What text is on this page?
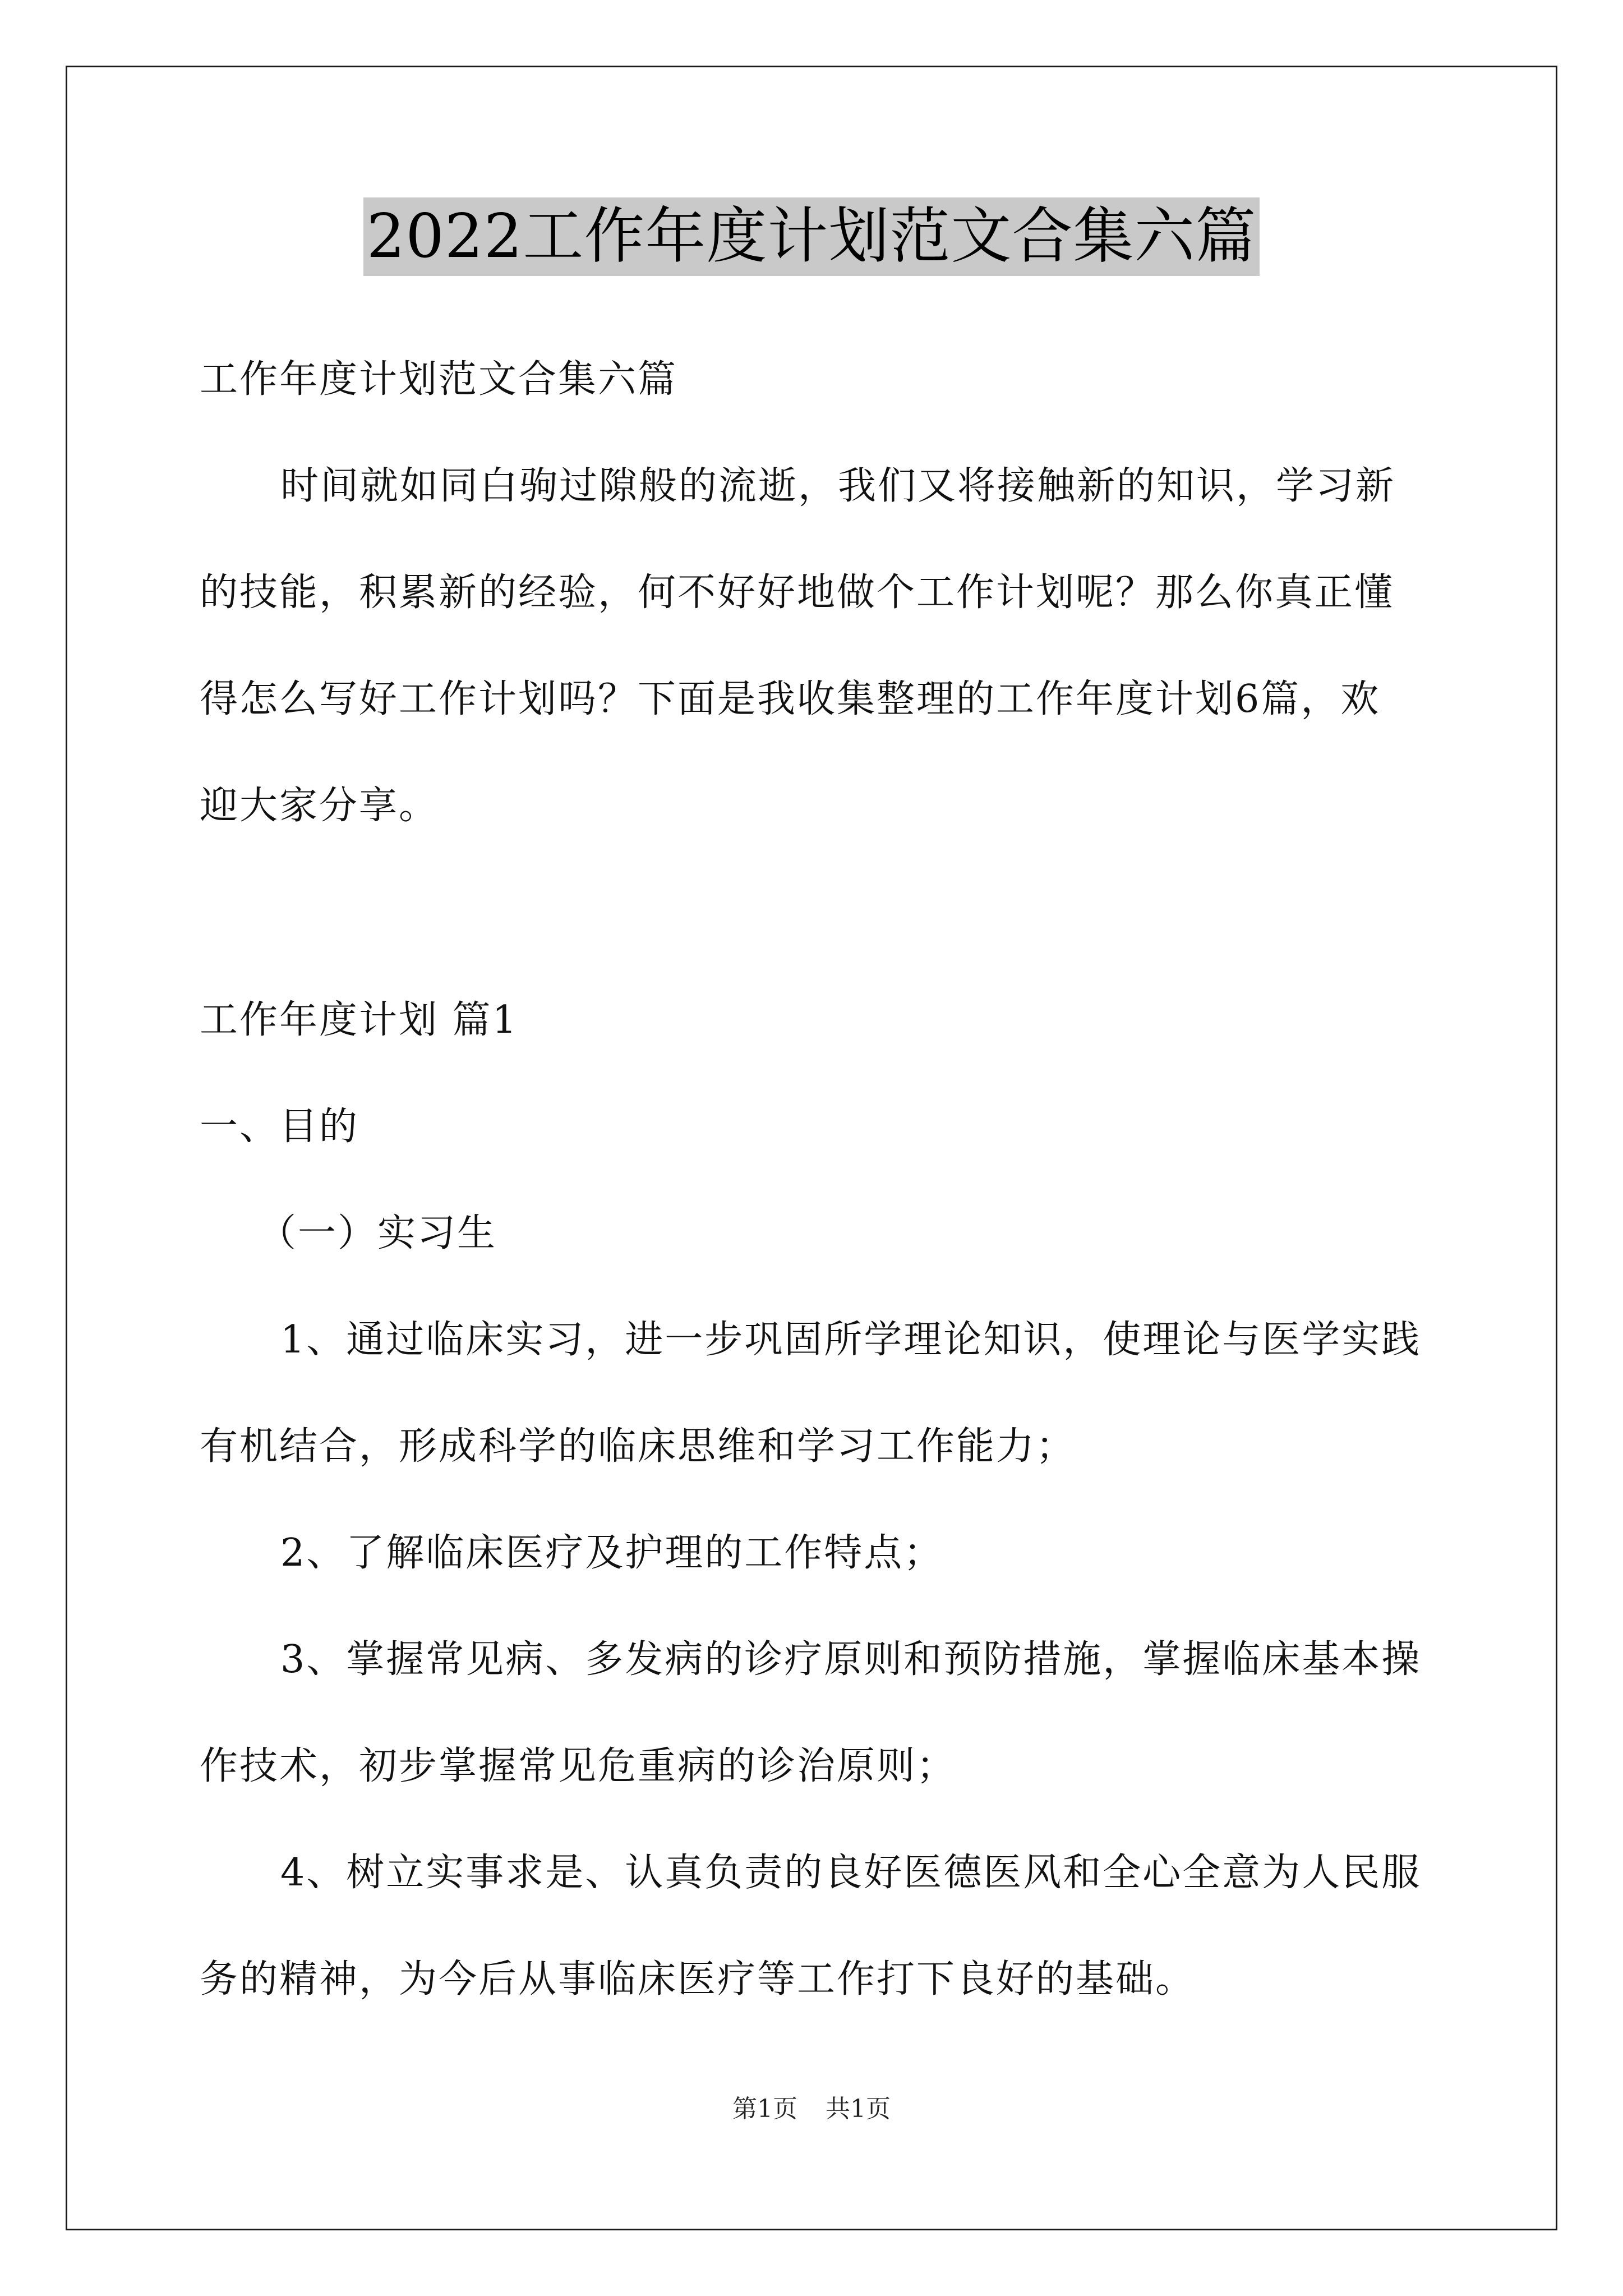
2022工作年度计划范文合集六篇
工作年度计划范文合集六篇
时间就如同白驹过隙般的流逝，我们又将接触新的知识，学习新
的技能，积累新的经验，何不好好地做个工作计划呢？那么你真正懂
得怎么写好工作计划吗？下面是我收集整理的工作年度计划6篇，欢
迎大家分享。
工作年度计划 篇1
一、目的
（一）实习生
1、通过临床实习，进一步巩固所学理论知识，使理论与医学实践
有机结合，形成科学的临床思维和学习工作能力；
2、了解临床医疗及护理的工作特点；
3、掌握常见病、多发病的诊疗原则和预防措施，掌握临床基本操
作技术，初步掌握常见危重病的诊治原则；
4、树立实事求是、认真负责的良好医德医风和全心全意为人民服
务的精神，为今后从事临床医疗等工作打下良好的基础。
第1页 共1页
